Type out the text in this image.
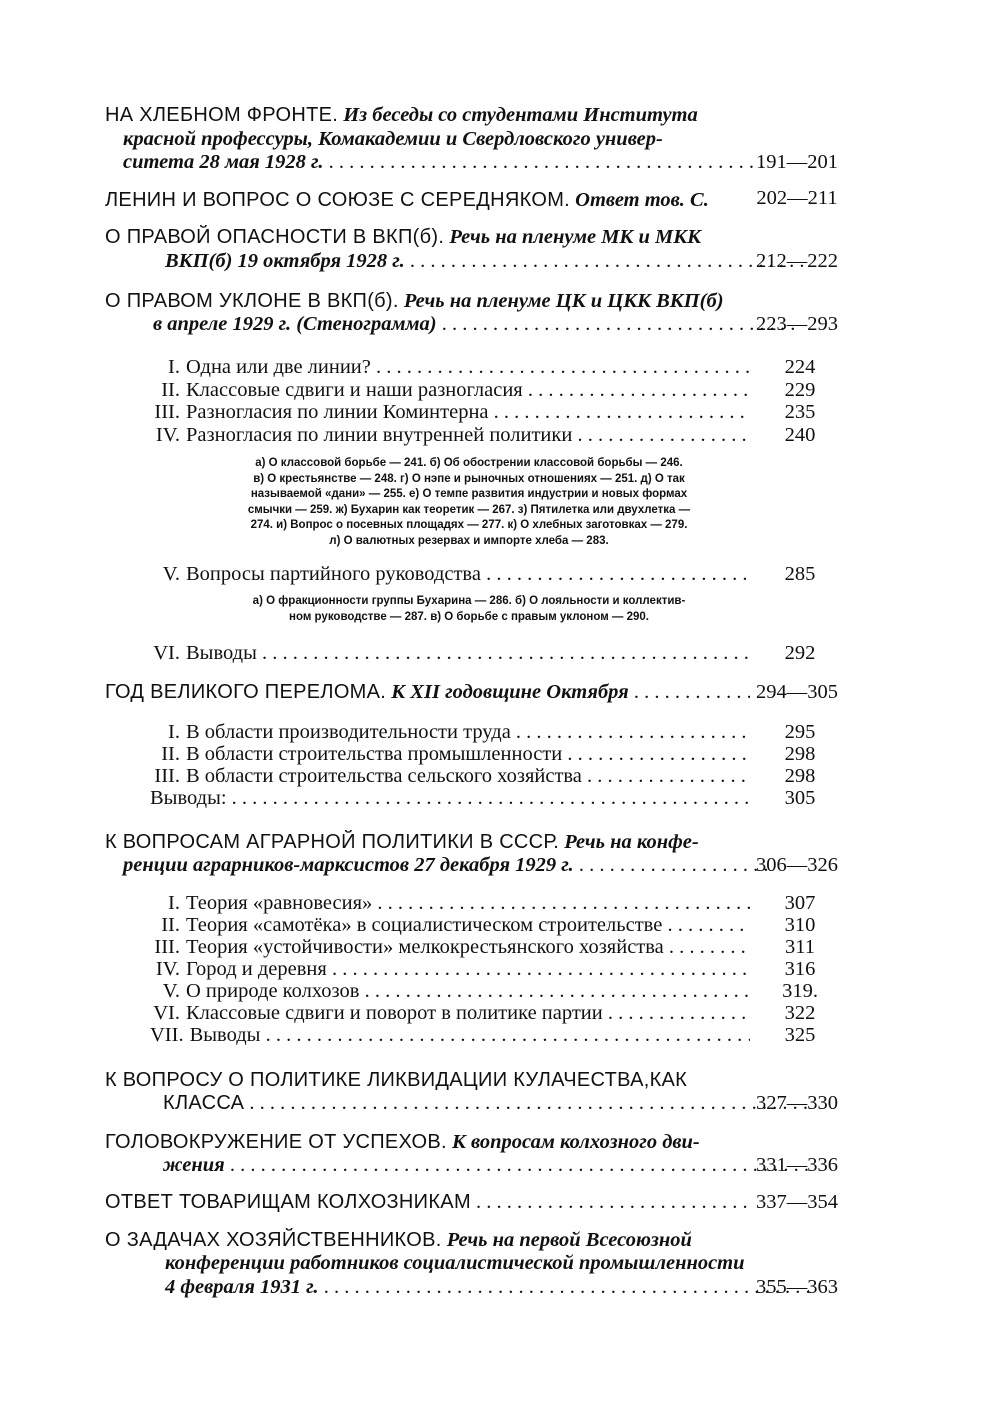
НА ХЛЕБНОМ ФРОНТЕ. Из беседы со студентами Института
красной профессуры, Комакадемии и Свердловского универ-
ситета 28 мая 1928 г. . . .	191—201
ЛЕНИН И ВОПРОС О СОЮЗЕ С СЕРЕДНЯКОМ. Ответ тов. С.	202—211
О ПРАВОЙ ОПАСНОСТИ В ВКП(б). Речь на пленуме МК и МКК
ВКП(б) 19 октября 1928 г. . . .	212—222
О ПРАВОМ УКЛОНЕ В ВКП(б). Речь на пленуме ЦК и ЦКК ВКП(б)
в апреле 1929 г. (Стенограмма) . . .	223—293
I. Одна или две линии? . . .	224
II. Классовые сдвиги и наши разногласия . . .	229
III. Разногласия по линии Коминтерна . . .	235
IV. Разногласия по линии внутренней политики . . .	240
а) О классовой борьбе — 241. б) Об обострении классовой борьбы — 246.
в) О крестьянстве — 248. г) О нэпе и рыночных отношениях — 251. д) О так
называемой «дани» — 255. е) О темпе развития индустрии и новых формах
смычки — 259. ж) Бухарин как теоретик — 267. з) Пятилетка или двухлетка —
274. и) Вопрос о посевных площадях — 277. к) О хлебных заготовках — 279.
л) О валютных резервах и импорте хлеба — 283.
V. Вопросы партийного руководства . . .	285
а) О фракционности группы Бухарина — 286. б) О лояльности и коллектив-
ном руководстве — 287. в) О борьбе с правым уклоном — 290.
VI. Выводы . . .	292
ГОД ВЕЛИКОГО ПЕРЕЛОМА. К XII годовщине Октября . . .	294—305
I. В области производительности труда . . .	295
II. В области строительства промышленности . . .	298
III. В области строительства сельского хозяйства . . .	298
Выводы: . . .	305
К ВОПРОСАМ АГРАРНОЙ ПОЛИТИКИ В СССР. Речь на конфе-
ренции аграрников-марксистов 27 декабря 1929 г. . . .	306—326
I. Теория «равновесия» . . .	307
II. Теория «самотёка» в социалистическом строительстве . . .	310
III. Теория «устойчивости» мелкокрестьянского хозяйства . . .	311
IV. Город и деревня . . .	316
V. О природе колхозов . . .	319.
VI. Классовые сдвиги и поворот в политике партии . . .	322
VII. Выводы . . .	325
К ВОПРОСУ О ПОЛИТИКЕ ЛИКВИДАЦИИ КУЛАЧЕСТВА,КАК
КЛАССА . . .	327—330
ГОЛОВОКРУЖЕНИЕ ОТ УСПЕХОВ. К вопросам колхозного дви-
жения . . .	331—336
ОТВЕТ ТОВАРИЩАМ КОЛХОЗНИКАМ . . .	337—354
О ЗАДАЧАХ ХОЗЯЙСТВЕННИКОВ. Речь на первой Всесоюзной
конференции работников социалистической промышленности
4 февраля 1931 г. . . .	355—363
